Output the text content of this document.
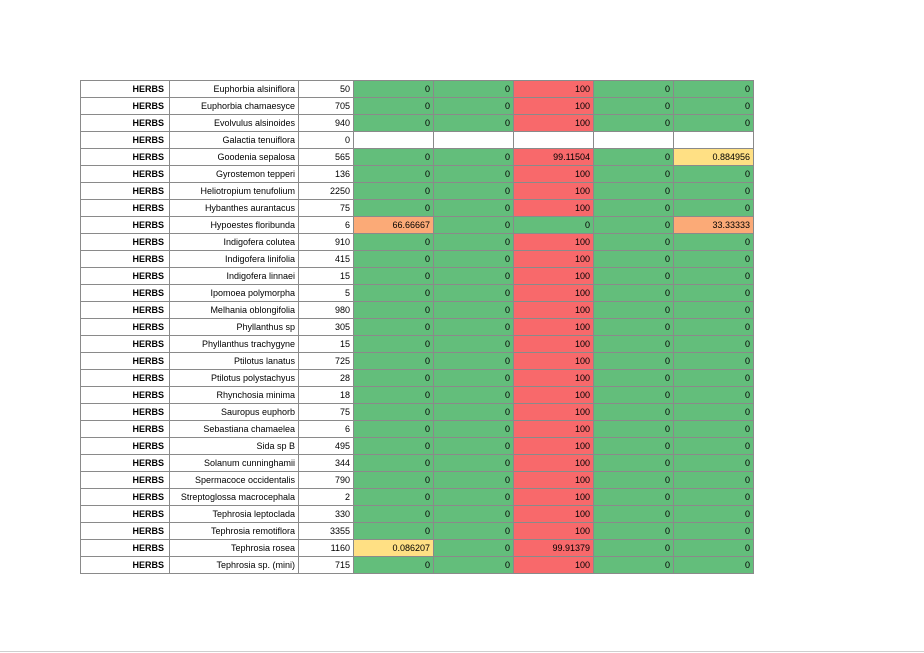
HERBS	Euphorbia alsiniflora	50	0	0	100	0	0
HERBS	Euphorbia chamaesyce	705	0	0	100	0	0
HERBS	Evolvulus alsinoides	940	0	0	100	0	0
HERBS	Galactia tenuiflora	0					
HERBS	Goodenia sepalosa	565	0	0	99.11504	0	0.884956
HERBS	Gyrostemon tepperi	136	0	0	100	0	0
HERBS	Heliotropium tenufolium	2250	0	0	100	0	0
HERBS	Hybanthes aurantacus	75	0	0	100	0	0
HERBS	Hypoestes floribunda	6	66.66667	0	0	0	33.33333
HERBS	Indigofera colutea	910	0	0	100	0	0
HERBS	Indigofera linifolia	415	0	0	100	0	0
HERBS	Indigofera linnaei	15	0	0	100	0	0
HERBS	Ipomoea polymorpha	5	0	0	100	0	0
HERBS	Melhania oblongifolia	980	0	0	100	0	0
HERBS	Phyllanthus sp	305	0	0	100	0	0
HERBS	Phyllanthus trachygyne	15	0	0	100	0	0
HERBS	Ptilotus lanatus	725	0	0	100	0	0
HERBS	Ptilotus polystachyus	28	0	0	100	0	0
HERBS	Rhynchosia minima	18	0	0	100	0	0
HERBS	Sauropus euphorb	75	0	0	100	0	0
HERBS	Sebastiana chamaelea	6	0	0	100	0	0
HERBS	Sida sp B	495	0	0	100	0	0
HERBS	Solanum cunninghamii	344	0	0	100	0	0
HERBS	Spermacoce occidentalis	790	0	0	100	0	0
HERBS	Streptoglossa macrocephala	2	0	0	100	0	0
HERBS	Tephrosia leptoclada	330	0	0	100	0	0
HERBS	Tephrosia remotiflora	3355	0	0	100	0	0
HERBS	Tephrosia rosea	1160	0.086207	0	99.91379	0	0
HERBS	Tephrosia sp. (mini)	715	0	0	100	0	0
